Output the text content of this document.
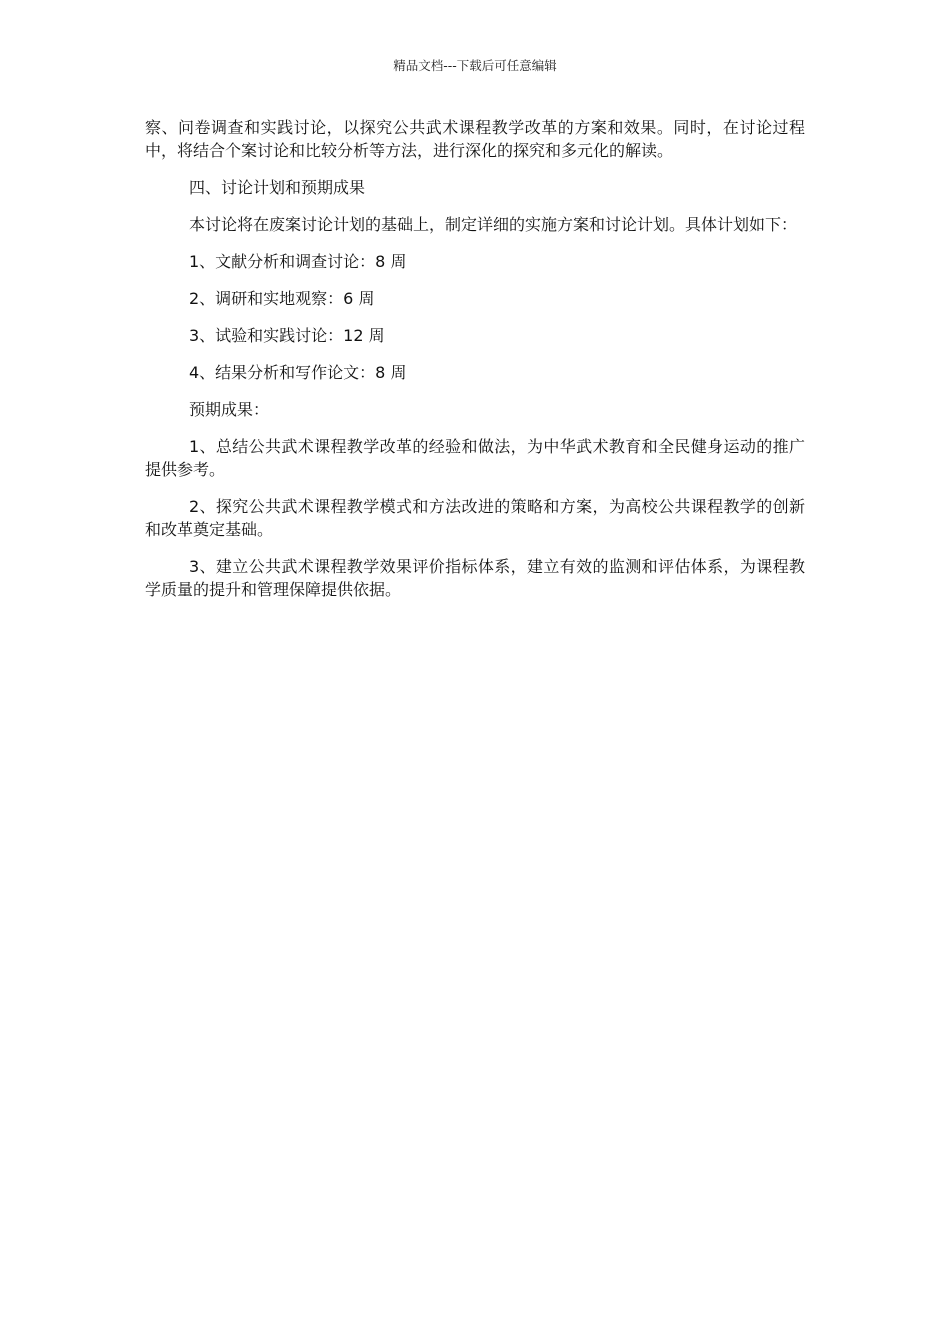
精品文档---下载后可任意编辑

察、问卷调查和实践讨论，以探究公共武术课程教学改革的方案和效果。同时，在讨论过程中，将结合个案讨论和比较分析等方法，进行深化的探究和多元化的解读。

四、讨论计划和预期成果

本讨论将在废案讨论计划的基础上，制定详细的实施方案和讨论计划。具体计划如下：

1、文献分析和调查讨论：8 周

2、调研和实地观察：6 周

3、试验和实践讨论：12 周

4、结果分析和写作论文：8 周

预期成果：

1、总结公共武术课程教学改革的经验和做法，为中华武术教育和全民健身运动的推广提供参考。

2、探究公共武术课程教学模式和方法改进的策略和方案，为高校公共课程教学的创新和改革奠定基础。

3、建立公共武术课程教学效果评价指标体系，建立有效的监测和评估体系，为课程教学质量的提升和管理保障提供依据。
